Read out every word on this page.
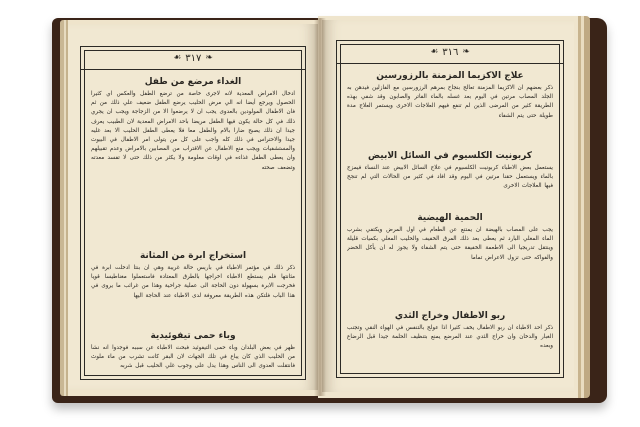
❧
٣١٧
☙
الغداء مرضع من طفل
ادخال الامراض المعدية لانه لاجرى خاصة من ترضع الطفل والعكس اي كثيرا الحصول ويرجع أيضا انه الي مرض الحليب يرضع الطفل ضعيف علي ذلك من ثم فان الاطفال المولودين بالعدوى يجب ان لا يرضعوا الا من الزجاجة ويجب ان يجري ذلك في كل حالة يكون فيها الطفل مريضا باحد الامراض المعدية لان الطبيب يعرف جيدا ان ذلك يصبح ضارا بالام والطفل معا فلا يعطى الطفل الحليب الا بعد غليه جيدا والاحتراس في ذلك كله واجب على كل من يتولى امر الاطفال في البيوت والمستشفيات ويجب منع الاطفال عن الاقتراب من المصابين بالامراض وعدم تقبيلهم وان يعطى الطفل غذاءه في اوقات معلومة ولا يكثر من ذلك حتى لا تفسد معدته وتضعف صحته
استخراج ابرة من المثانة
ذكر ذلك في مؤتمر الاطباء في باريس حالة غريبة وهي ان بنتا ادخلت ابرة في مثانتها فلم يستطع الاطباء اخراجها بالطرق المعتادة فاستعملوا مغناطيسا قويا فخرجت الابرة بسهولة دون الحاجة الى عملية جراحية وهذا من غرائب ما يروى في هذا الباب فلتكن هذه الطريقة معروفة لدى الاطباء عند الحاجة اليها
وباء حمى تيفوئيدية
ظهر في بعض البلدان وباء حمى التيفوئيد فبحث الاطباء عن سببه فوجدوا انه نشأ من الحليب الذي كان يباع في تلك الجهات لان البقر كانت تشرب من ماء ملوث فانتقلت العدوى الى الناس وهذا يدل على وجوب غلي الحليب قبل شربه
❧
٣١٦
☙
علاج الاكزيما المزمنة بالرزورسين
ذكر بعضهم ان الاكزيما المزمنة تعالج بنجاح بمرهم الرزورسين مع الفازلين فيدهن به الجلد المصاب مرتين في اليوم بعد غسله بالماء الفاتر والصابون وقد شفي بهذه الطريقة كثير من المرضى الذين لم تنفع فيهم العلاجات الاخرى ويستمر العلاج مدة طويلة حتى يتم الشفاء
كربونيت الكلسيوم في السائل الابيض
يستعمل بعض الاطباء كربونيت الكلسيوم في علاج السائل الابيض عند النساء فيمزج بالماء ويستعمل حقنا مرتين في اليوم وقد افاد في كثير من الحالات التي لم تنجح فيها العلاجات الاخرى
الحمية الهيضية
يجب على المصاب بالهيضة ان يمتنع عن الطعام في اول المرض ويكتفي بشرب الماء المغلي البارد ثم يعطى بعد ذلك المرق الخفيف والحليب المغلي بكميات قليلة وينتقل تدريجيا الى الاطعمة الخفيفة حتى يتم الشفاء ولا يجوز له ان يأكل الخضر والفواكه حتى تزول الاعراض تماما
ربو الاطفال وخراج الثدي
ذكر احد الاطباء ان ربو الاطفال يخف كثيرا اذا عولج بالتنفس في الهواء النقي وتجنب الغبار والدخان وان خراج الثدي عند المرضع يمنع بتنظيف الحلمة جيدا قبل الرضاع وبعده
